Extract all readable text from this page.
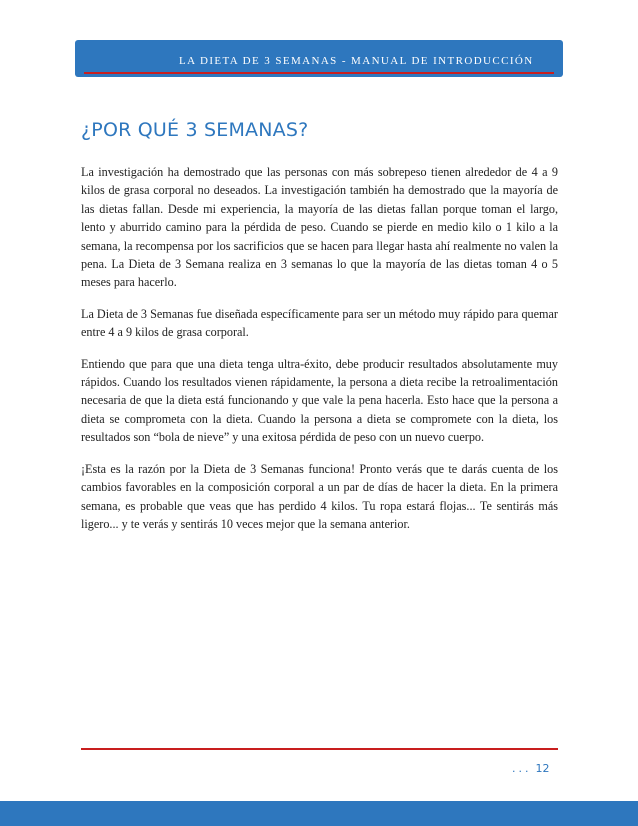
LA DIETA DE 3 SEMANAS - MANUAL DE INTRODUCCIÓN
¿POR QUÉ 3 SEMANAS?

La investigación ha demostrado que las personas con más sobrepeso tienen alrededor de 4 a 9 kilos de grasa corporal no deseados. La investigación también ha demostrado que la mayoría de las dietas fallan. Desde mi experiencia, la mayoría de las dietas fallan porque toman el largo, lento y aburrido camino para la pérdida de peso. Cuando se pierde en medio kilo o 1 kilo a la semana, la recompensa por los sacrificios que se hacen para llegar hasta ahí realmente no valen la pena. La Dieta de 3 Semana realiza en 3 semanas lo que la mayoría de las dietas toman 4 o 5 meses para hacerlo.

La Dieta de 3 Semanas fue diseñada específicamente para ser un método muy rápido para quemar entre 4 a 9 kilos de grasa corporal.

Entiendo que para que una dieta tenga ultra-éxito, debe producir resultados absolutamente muy rápidos. Cuando los resultados vienen rápidamente, la persona a dieta recibe la retroalimentación necesaria de que la dieta está funcionando y que vale la pena hacerla. Esto hace que la persona a dieta se comprometa con la dieta. Cuando la persona a dieta se compromete con la dieta, los resultados son “bola de nieve” y una exitosa pérdida de peso con un nuevo cuerpo.

¡Esta es la razón por la Dieta de 3 Semanas funciona! Pronto verás que te darás cuenta de los cambios favorables en la composición corporal a un par de días de hacer la dieta. En la primera semana, es probable que veas que has perdido 4 kilos. Tu ropa estará flojas... Te sentirás más ligero... y te verás y sentirás 10 veces mejor que la semana anterior.

... 12
